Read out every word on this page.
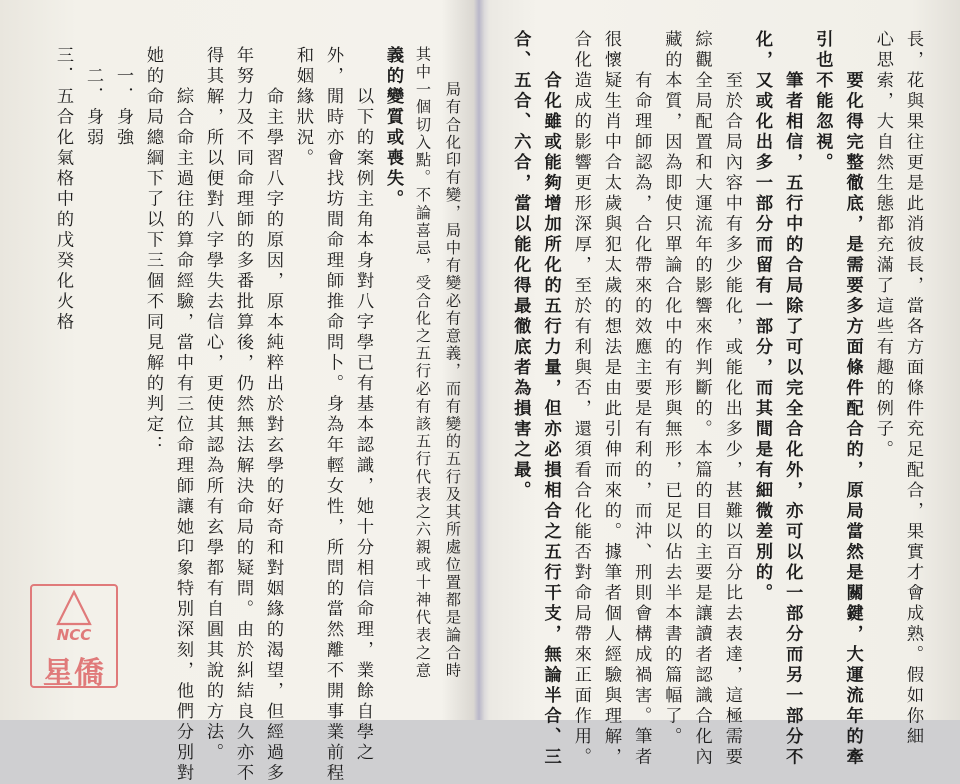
長，花與果往更是此消彼長，當各方面條件充足配合，果實才會成熟。假如你細
心思索，大自然生態都充滿了這些有趣的例子。
　　要化得完整徹底，是需要多方面條件配合的，原局當然是關鍵，大運流年的牽
引也不能忽視。
　　筆者相信，五行中的合局除了可以完全合化外，亦可以化一部分而另一部分不
化，又或化出多一部分而留有一部分，而其間是有細微差別的。
　　至於合局內容中有多少能化，或能化出多少，甚難以百分比去表達，這極需要
綜觀全局配置和大運流年的影響來作判斷的。本篇的目的主要是讓讀者認識合化內
藏的本質，因為即使只單論合化中的有形與無形，已足以佔去半本書的篇幅了。
　　有命理師認為，合化帶來的效應主要是有利的，而沖、刑則會構成禍害。筆者
很懷疑生肖中合太歲與犯太歲的想法是由此引伸而來的。據筆者個人經驗與理解，
合化造成的影響更形深厚，至於有利與否，還須看合化能否對命局帶來正面作用。
　　合化雖或能夠增加所化的五行力量，但亦必損相合之五行干支，無論半合、三
合、五合、六合，當以能化得最徹底者為損害之最。
　　局有合化印有變，局中有變必有意義，而有變的五行及其所處位置都是論合時
其中一個切入點。不論喜忌，受合化之五行必有該五行代表之六親或十神代表之意
義的變質或喪失。
　　以下的案例主角本身對八字學已有基本認識，她十分相信命理，業餘自學之
外，閒時亦會找坊間命理師推命問卜。身為年輕女性，所問的當然離不開事業前程
和姻緣狀況。
　　命主學習八字的原因，原本純粹出於對玄學的好奇和對姻緣的渴望，但經過多
年努力及不同命理師的多番批算後，仍然無法解決命局的疑問。由於糾結良久亦不
得其解，所以便對八字學失去信心，更使其認為所有玄學都有自圓其說的方法。
　　綜合命主過往的算命經驗，當中有三位命理師讓她印象特別深刻，他們分別對
她的命局總綱下了以下三個不同見解的判定：
　一．身強
　二．身弱
三．五合化氣格中的戊癸化火格
NCC
星僑
